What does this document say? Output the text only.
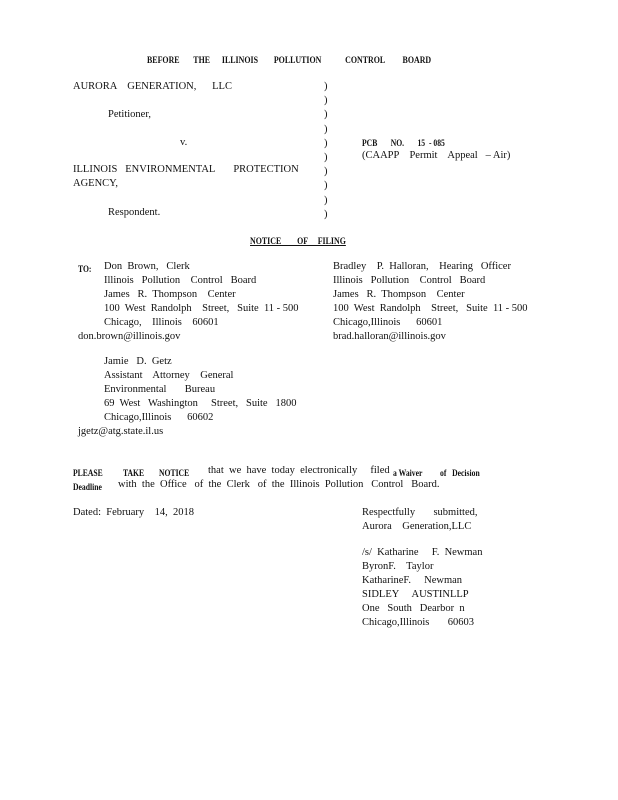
BEFORE       THE      ILLINOIS        POLLUTION            CONTROL         BOARD
AURORA    GENERATION,      LLC
Petitioner,
v.
ILLINOIS   ENVIRONMENTAL       PROTECTION
AGENCY,
Respondent.
)
)
)
)
)
)
)
)
)
)
PCB       NO.       15  - 085
(CAAPP    Permit    Appeal   – Air)
NOTICE        OF     FILING
TO: Don  Brown,   Clerk
Illinois   Pollution    Control   Board
James   R.  Thompson    Center
100  West  Randolph    Street,   Suite  11 - 500
Chicago,    Illinois    60601
don.brown@illinois.gov
Bradley    P.  Halloran,    Hearing   Officer
Illinois   Pollution    Control   Board
James   R.  Thompson    Center
100  West  Randolph    Street,   Suite  11 - 500
Chicago,Illinois      60601
brad.halloran@illinois.gov
Jamie   D.  Getz
Assistant    Attorney    General
Environmental       Bureau
69  West   Washington     Street,   Suite   1800
Chicago,Illinois      60602
jgetz@atg.state.il.us
PLEASE TAKE NOTICE that  we  have  today  electronically     filed a Waiver of   Decision
Deadline with  the  Office   of  the  Clerk   of  the  Illinois  Pollution   Control   Board.
Dated:  February    14,  2018	Respectfully       submitted,
Aurora    Generation,LLC
/s/  Katharine     F.  Newman
ByronF.    Taylor
KatharineF.     Newman
SIDLEY     AUSTINLLP
One   South   Dearbor  n
Chicago,Illinois       60603
